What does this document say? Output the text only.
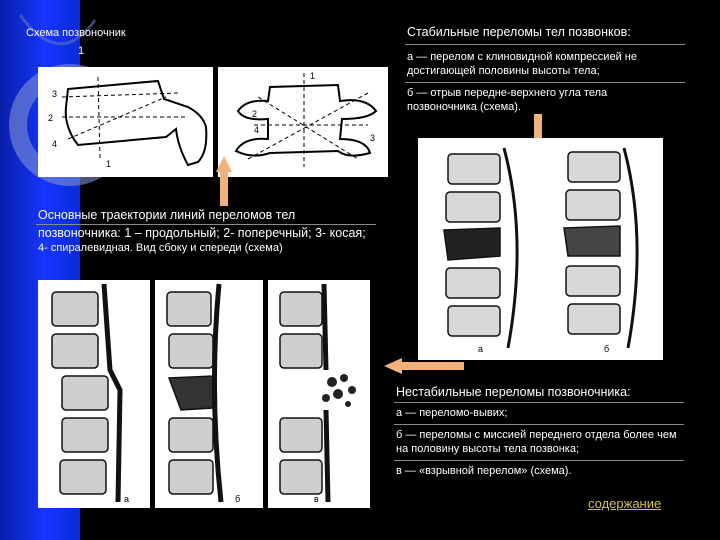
Схема позвоночник
1
3
2
4
1
1
2
4
3
Стабильные переломы тел позвонков:
а — перелом с клиновидной компрессией не достигающей половины высоты тела;
б — отрыв передне-верхнего угла тела позвоночника (схема).
а	б
Основные траектории линий переломов тел
позвоночника: 1 – продольный; 2- поперечный; 3- косая;
4- спиралевидная. Вид сбоку и спереди (схема)
а	б	в
Нестабильные переломы позвоночника:
а — переломо-вывих;
б — переломы с миссией переднего отдела более чем на половину высоты тела позвонка;
в — «взрывной перелом» (схема).
содержание
